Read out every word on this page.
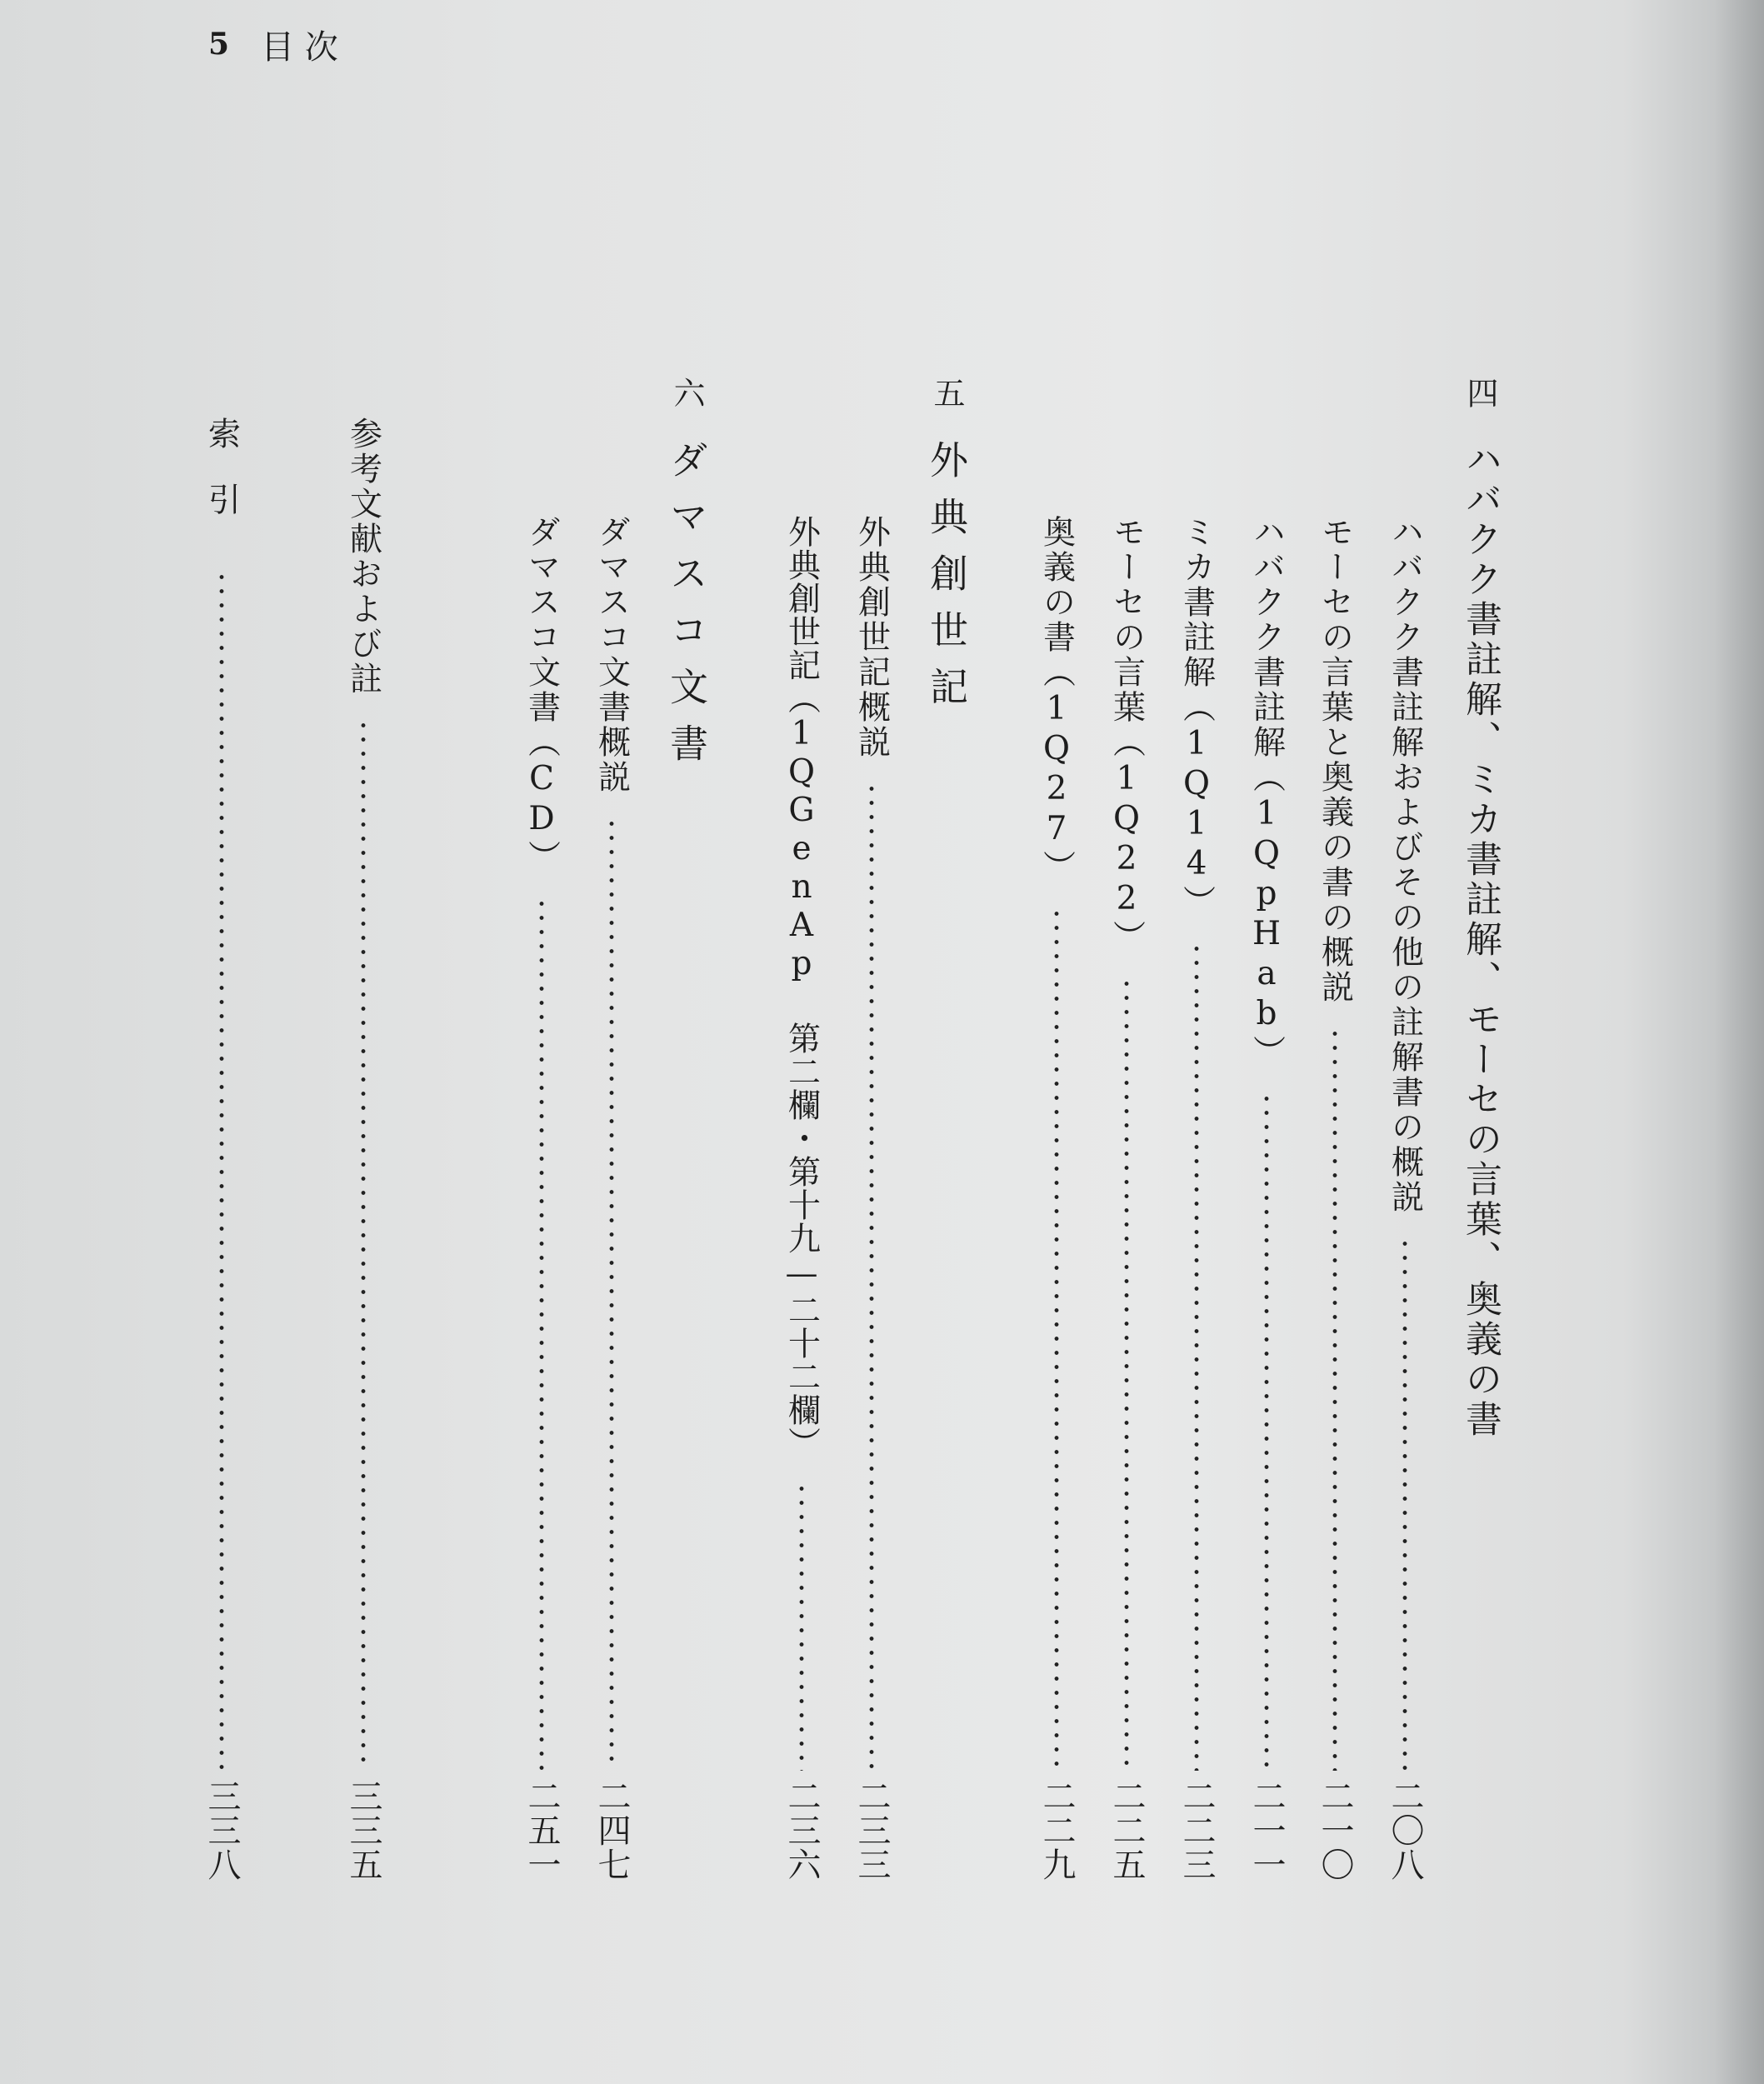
5 目 次
四
ハバクク書註解、ミカ書註解、モーセの言葉、奥義の書
ハバクク書註解およびその他の註解書の概説
二〇八
モーセの言葉と奥義の書の概説
二一〇
ハバクク書註解（1QpHab）
二一一
ミカ書註解（1Q14）
二二三
モーセの言葉（1Q22）
二二五
奥義の書（1Q27）
二二九
五
外典創世記
外典創世記概説
二三三
外典創世記（1QGenAp 第二欄・第十九—二十二欄）
二三六
六
ダマスコ文書
ダマスコ文書概説
二四七
ダマスコ文書（CD）
二五一
参考文献および註
三三五
索引
三三八
